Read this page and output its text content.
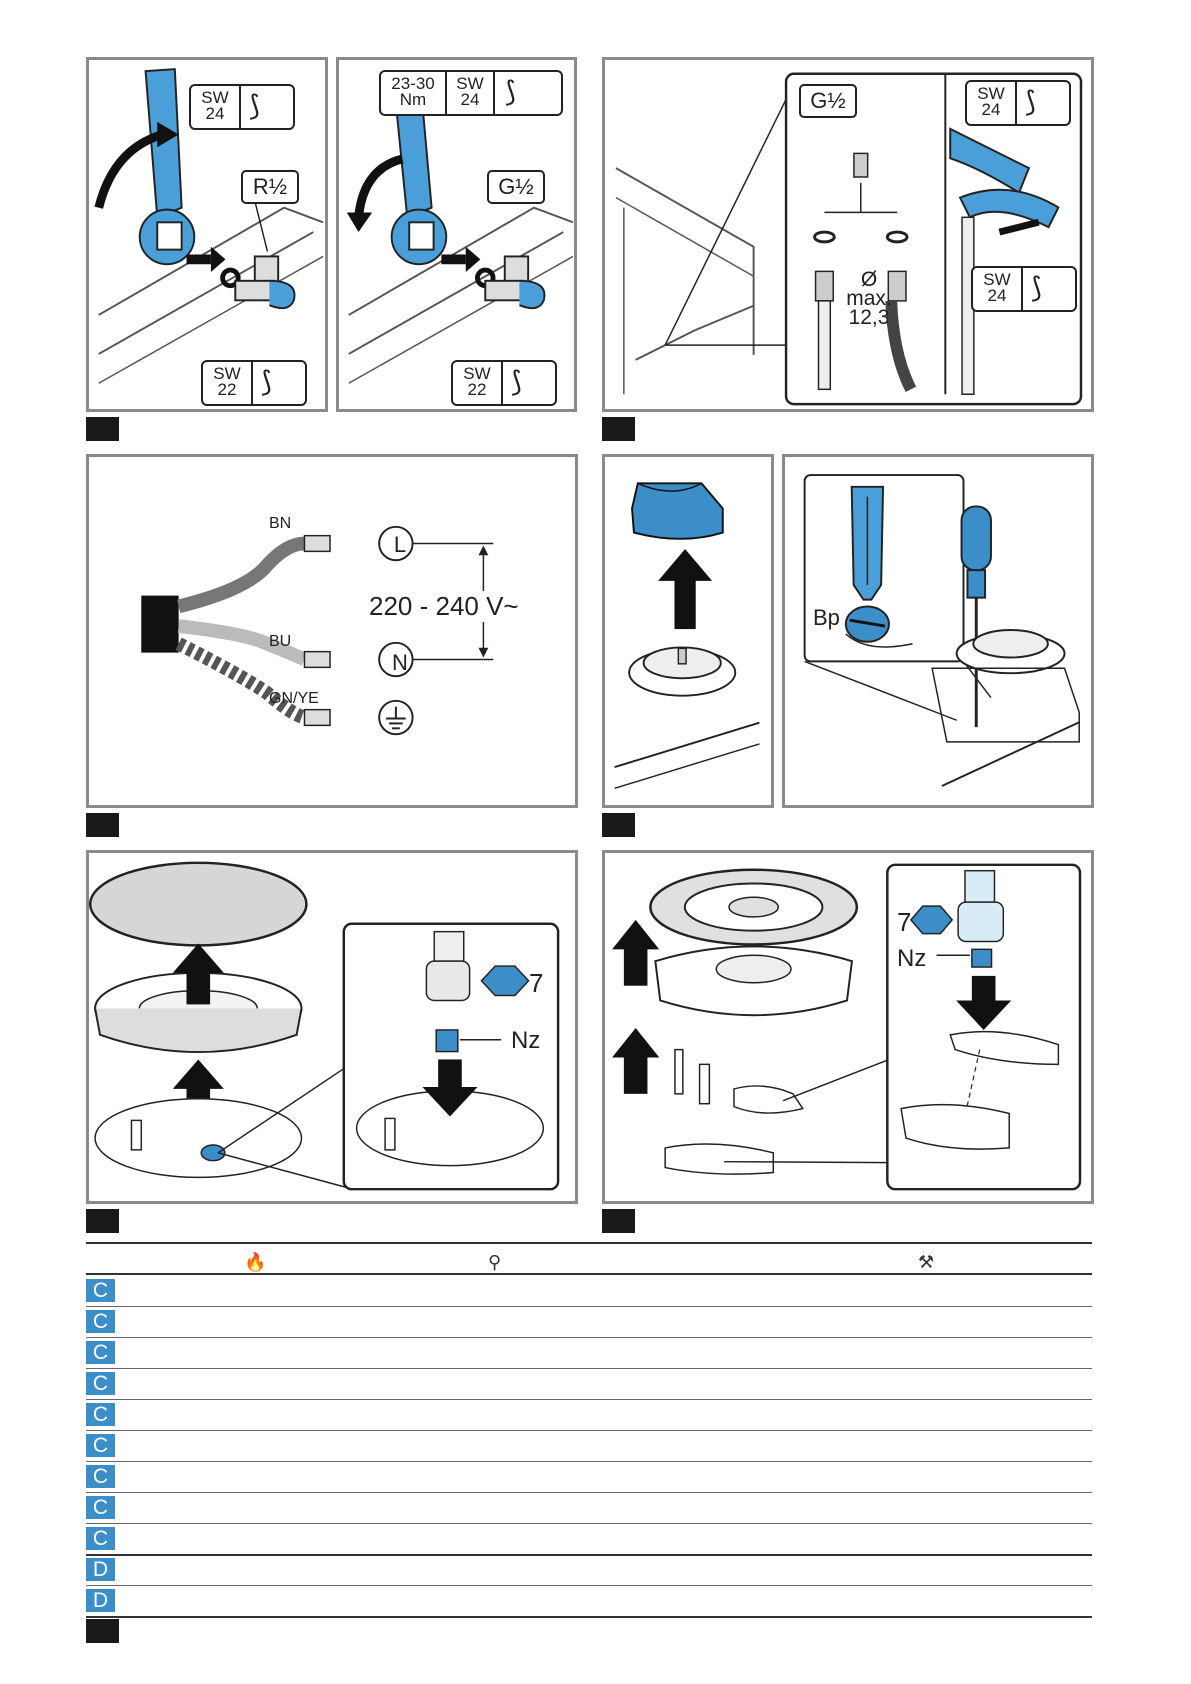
SW
24 ⟆
R½
SW
22 ⟆
23-30
Nm
SW
24 ⟆
G½
SW
22 ⟆
G½	SW
24 ⟆
SW
24 ⟆
Ø
max.
12,3
BN
BU
GN/YE
L
N
220 - 240 V~	Bp
7
Nz
7
Nz
🔥	⚲	⚒
C
C
C
C
C
C
C
C
C
D
D
